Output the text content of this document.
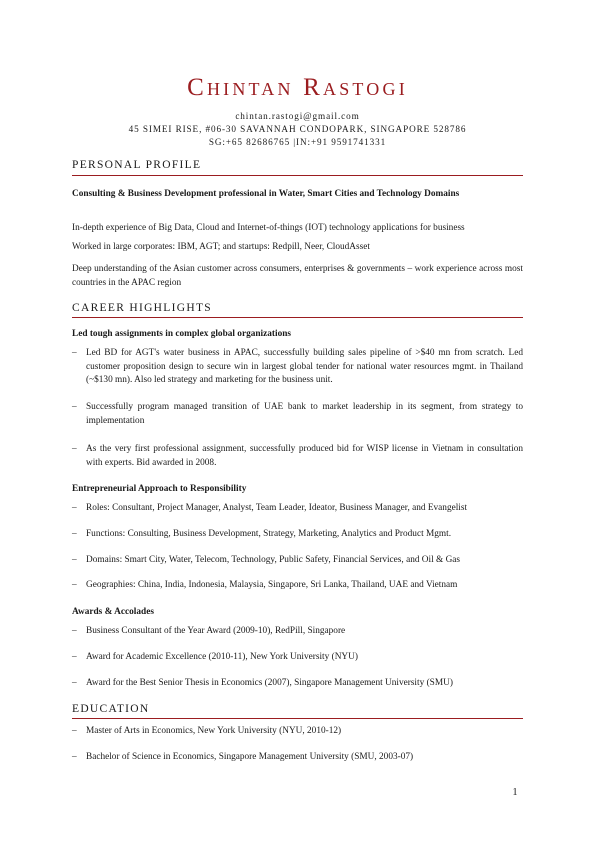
Chintan Rastogi
chintan.rastogi@gmail.com
45 SIMEI RISE, #06-30 SAVANNAH CONDOPARK, SINGAPORE 528786
SG:+65 82686765 |IN:+91 9591741331
PERSONAL PROFILE
Consulting & Business Development professional in Water, Smart Cities and Technology Domains
In-depth experience of Big Data, Cloud and Internet-of-things (IOT) technology applications for business
Worked in large corporates: IBM, AGT; and startups: Redpill, Neer, CloudAsset
Deep understanding of the Asian customer across consumers, enterprises & governments – work experience across most countries in the APAC region
CAREER HIGHLIGHTS
Led tough assignments in complex global organizations
–	Led BD for AGT's water business in APAC, successfully building sales pipeline of >$40 mn from scratch. Led customer proposition design to secure win in largest global tender for national water resources mgmt. in Thailand (~$130 mn). Also led strategy and marketing for the business unit.
–	Successfully program managed transition of UAE bank to market leadership in its segment, from strategy to implementation
–	As the very first professional assignment, successfully produced bid for WISP license in Vietnam in consultation with experts. Bid awarded in 2008.
Entrepreneurial Approach to Responsibility
–	Roles: Consultant, Project Manager, Analyst, Team Leader, Ideator, Business Manager, and Evangelist
–	Functions: Consulting, Business Development, Strategy, Marketing, Analytics and Product Mgmt.
–	Domains: Smart City, Water, Telecom, Technology, Public Safety, Financial Services, and Oil & Gas
–	Geographies: China, India, Indonesia, Malaysia, Singapore, Sri Lanka, Thailand, UAE and Vietnam
Awards & Accolades
–	Business Consultant of the Year Award (2009-10), RedPill, Singapore
–	Award for Academic Excellence (2010-11), New York University (NYU)
–	Award for the Best Senior Thesis in Economics (2007), Singapore Management University (SMU)
EDUCATION
–	Master of Arts in Economics, New York University (NYU, 2010-12)
–	Bachelor of Science in Economics, Singapore Management University (SMU, 2003-07)
1
